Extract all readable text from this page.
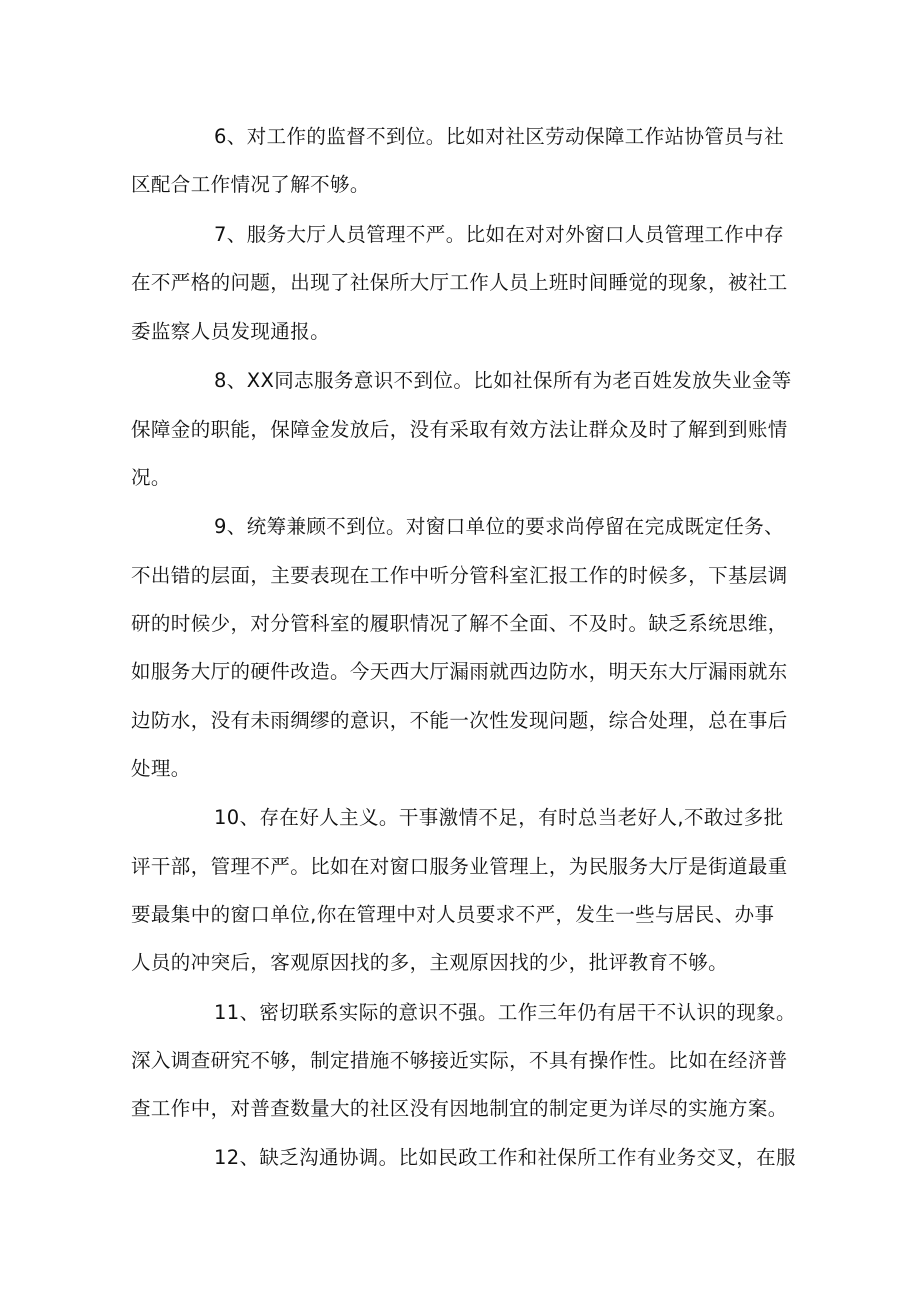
6、对工作的监督不到位。比如对社区劳动保障工作站协管员与社
区配合工作情况了解不够。
7、服务大厅人员管理不严。比如在对对外窗口人员管理工作中存
在不严格的问题，出现了社保所大厅工作人员上班时间睡觉的现象，被社工
委监察人员发现通报。
8、XX同志服务意识不到位。比如社保所有为老百姓发放失业金等
保障金的职能，保障金发放后，没有采取有效方法让群众及时了解到到账情
况。
9、统筹兼顾不到位。对窗口单位的要求尚停留在完成既定任务、
不出错的层面，主要表现在工作中听分管科室汇报工作的时候多，下基层调
研的时候少，对分管科室的履职情况了解不全面、不及时。缺乏系统思维，
如服务大厅的硬件改造。今天西大厅漏雨就西边防水，明天东大厅漏雨就东
边防水，没有未雨绸缪的意识，不能一次性发现问题，综合处理，总在事后
处理。
10、存在好人主义。干事激情不足，有时总当老好人,不敢过多批
评干部，管理不严。比如在对窗口服务业管理上，为民服务大厅是街道最重
要最集中的窗口单位,你在管理中对人员要求不严，发生一些与居民、办事
人员的冲突后，客观原因找的多，主观原因找的少，批评教育不够。
11、密切联系实际的意识不强。工作三年仍有居干不认识的现象。
深入调查研究不够，制定措施不够接近实际，不具有操作性。比如在经济普
查工作中，对普查数量大的社区没有因地制宜的制定更为详尽的实施方案。
12、缺乏沟通协调。比如民政工作和社保所工作有业务交叉，在服
